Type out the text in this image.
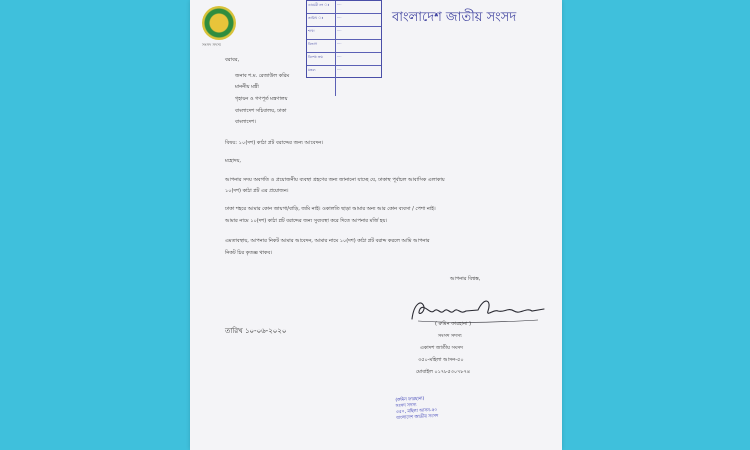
সংসদ সদস্য
ডায়েরী নং ঃ	....
তারিখ ঃ	....
শাখা	....
বিভাগ	....
বিশেষ ক্রম	....
মন্তব্য	....
বাংলাদেশ জাতীয় সংসদ
বরাবর,
জনাব শ.ম. রেজাউল করিম
মাননীয় মন্ত্রী
গৃহায়ন ও গণপূর্ত মন্ত্রণালয়
বাংলাদেশ সচিবালয়, ঢাকা
বাংলাদেশ।
বিষয়: ১০(দশ) কাঠা প্লট বরাদ্দের জন্য আবেদন।
মহোদয়,
আপনার সদয় অবগতি ও প্রয়োজনীয় ব্যবস্থা গ্রহণের জন্য জানানো যাচ্ছে যে, ঢাকাস্থ পূর্বাচল আবাসিক এলাকায়
১০(দশ) কাঠা প্লট এর প্রয়োজন।
ঢাকা শহরে আমার কোন জায়গা/বাড়ি, জমি নাই। ওকালতি ছাড়া আমার অন্য আর কোন ব্যবসা / পেশা নাই।
আমার নামে ১০(দশ) কাঠা প্লট বরাদ্দের জন্য সুব্যবস্থা করে দিতে আপনার মর্জি হয়।
এমতাবস্থায়, আপনার নিকট আমার আবেদন, আমার নামে ১০(দশ) কাঠা প্লট বরাদ্দ করলে আমি আপনার
নিকট চির কৃতজ্ঞ থাকব।
আপনার বিশ্বস্ত,
( রুমিন ফারহানা )
সংসদ সদস্য
একাদশ জাতীয় সংসদ
৩৫০-মহিলা আসন-৫০
মোবাইল ০১৭৮৫৩০৭৮৭৪
তারিখ ১০-০৬-২০২০
(রুমিন ফারহানা)
সংসদ সদস্য
৩৫০, মহিলা আসন-৫০
বাংলাদেশ জাতীয় সংসদ
